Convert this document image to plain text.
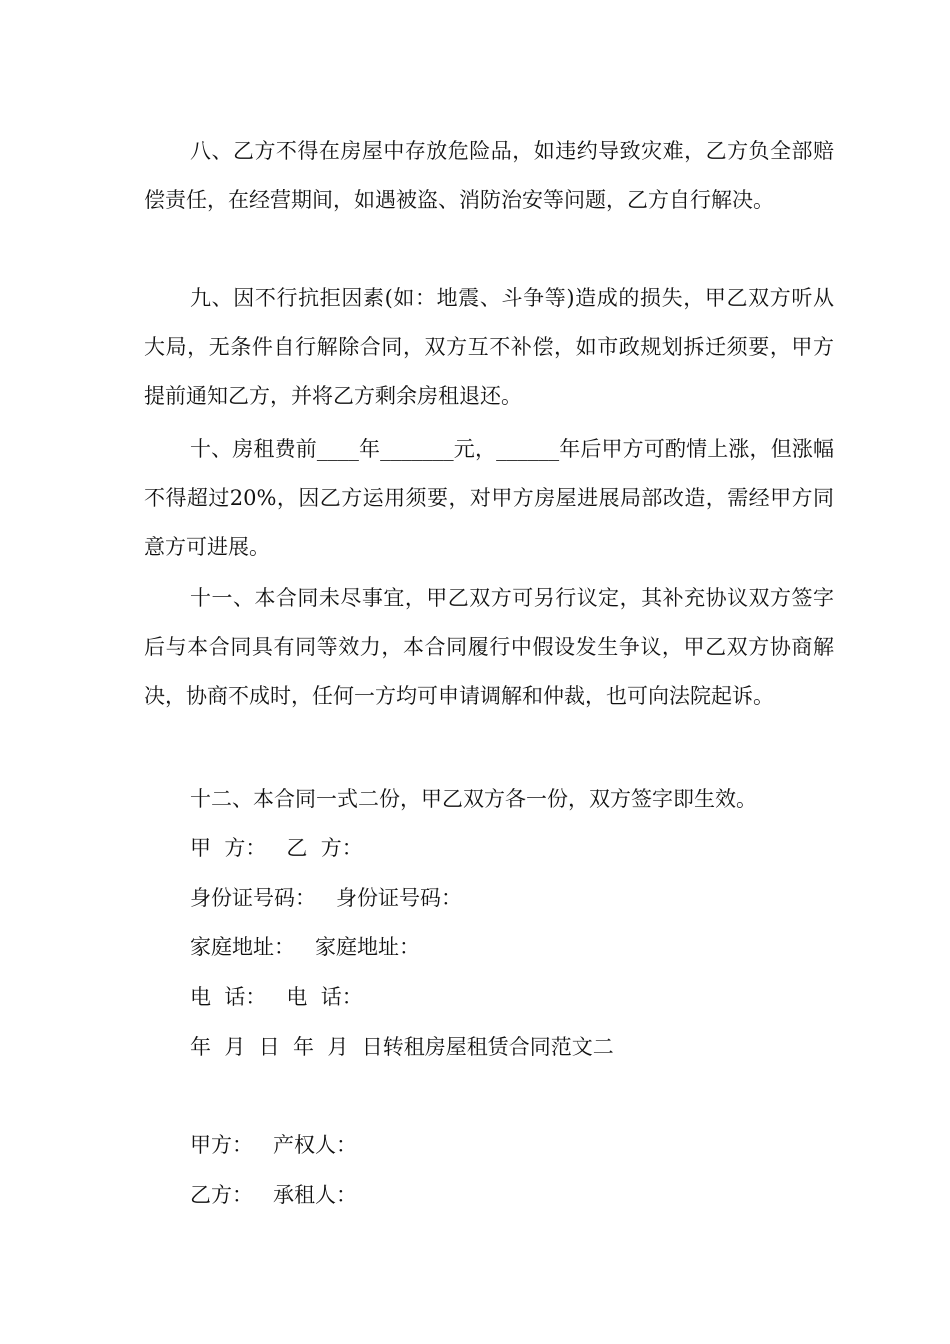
八、乙方不得在房屋中存放危险品，如违约导致灾难，乙方负全部赔偿责任，在经营期间，如遇被盗、消防治安等问题，乙方自行解决。

九、因不行抗拒因素(如：地震、斗争等)造成的损失，甲乙双方听从大局，无条件自行解除合同，双方互不补偿，如市政规划拆迁须要，甲方提前通知乙方，并将乙方剩余房租退还。

十、房租费前____年_______元，______年后甲方可酌情上涨，但涨幅不得超过20%，因乙方运用须要，对甲方房屋进展局部改造，需经甲方同意方可进展。

十一、本合同未尽事宜，甲乙双方可另行议定，其补充协议双方签字后与本合同具有同等效力，本合同履行中假设发生争议，甲乙双方协商解决，协商不成时，任何一方均可申请调解和仲裁，也可向法院起诉。

十二、本合同一式二份，甲乙双方各一份，双方签字即生效。

甲  方：   乙  方：

身份证号码：   身份证号码：

家庭地址：   家庭地址：

电  话：   电  话：

年  月  日  年  月  日转租房屋租赁合同范文二

甲方：   产权人：

乙方：   承租人：
